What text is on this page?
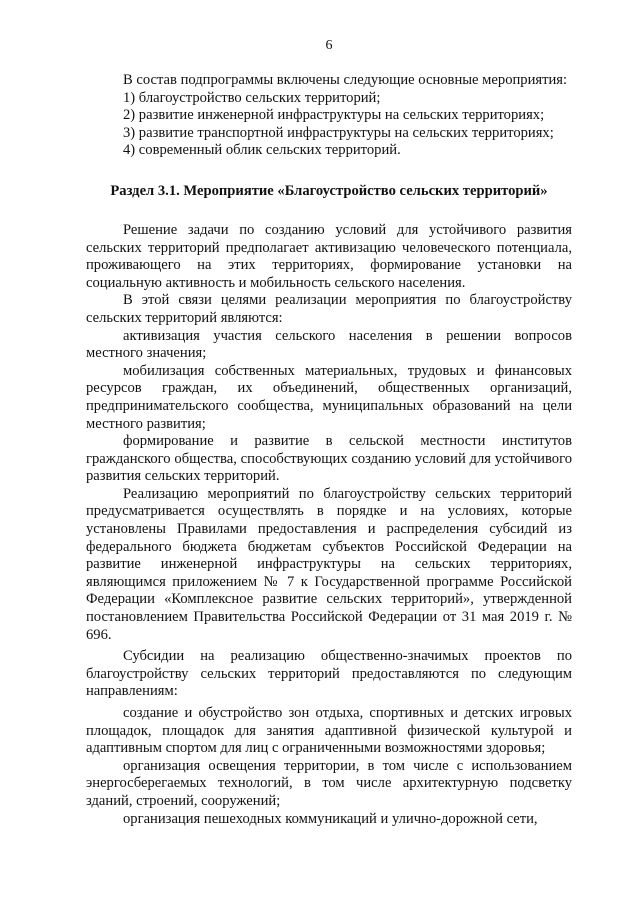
6

В состав подпрограммы включены следующие основные мероприятия:

1) благоустройство сельских территорий;

2) развитие инженерной инфраструктуры на сельских территориях;

3) развитие транспортной инфраструктуры на сельских территориях;

4) современный облик сельских территорий.

Раздел 3.1. Мероприятие «Благоустройство сельских территорий»

Решение задачи по созданию условий для устойчивого развития сельских территорий предполагает активизацию человеческого потенциала, проживающего на этих территориях, формирование установки на социальную активность и мобильность сельского населения.

В этой связи целями реализации мероприятия по благоустройству сельских территорий являются:

активизация участия сельского населения в решении вопросов местного значения;

мобилизация собственных материальных, трудовых и финансовых ресурсов граждан, их объединений, общественных организаций, предпринимательского сообщества, муниципальных образований на цели местного развития;

формирование и развитие в сельской местности институтов гражданского общества, способствующих созданию условий для устойчивого развития сельских территорий.

Реализацию мероприятий по благоустройству сельских территорий предусматривается осуществлять в порядке и на условиях, которые установлены Правилами предоставления и распределения субсидий из федерального бюджета бюджетам субъектов Российской Федерации на развитие инженерной инфраструктуры на сельских территориях, являющимся приложением № 7 к Государственной программе Российской Федерации «Комплексное развитие сельских территорий», утвержденной постановлением Правительства Российской Федерации от 31 мая 2019 г. № 696.

Субсидии на реализацию общественно-значимых проектов по благоустройству сельских территорий предоставляются по следующим направлениям:

создание и обустройство зон отдыха, спортивных и детских игровых площадок, площадок для занятия адаптивной физической культурой и адаптивным спортом для лиц с ограниченными возможностями здоровья;

организация освещения территории, в том числе с использованием энергосберегаемых технологий, в том числе архитектурную подсветку зданий, строений, сооружений;

организация пешеходных коммуникаций и улично-дорожной сети,
